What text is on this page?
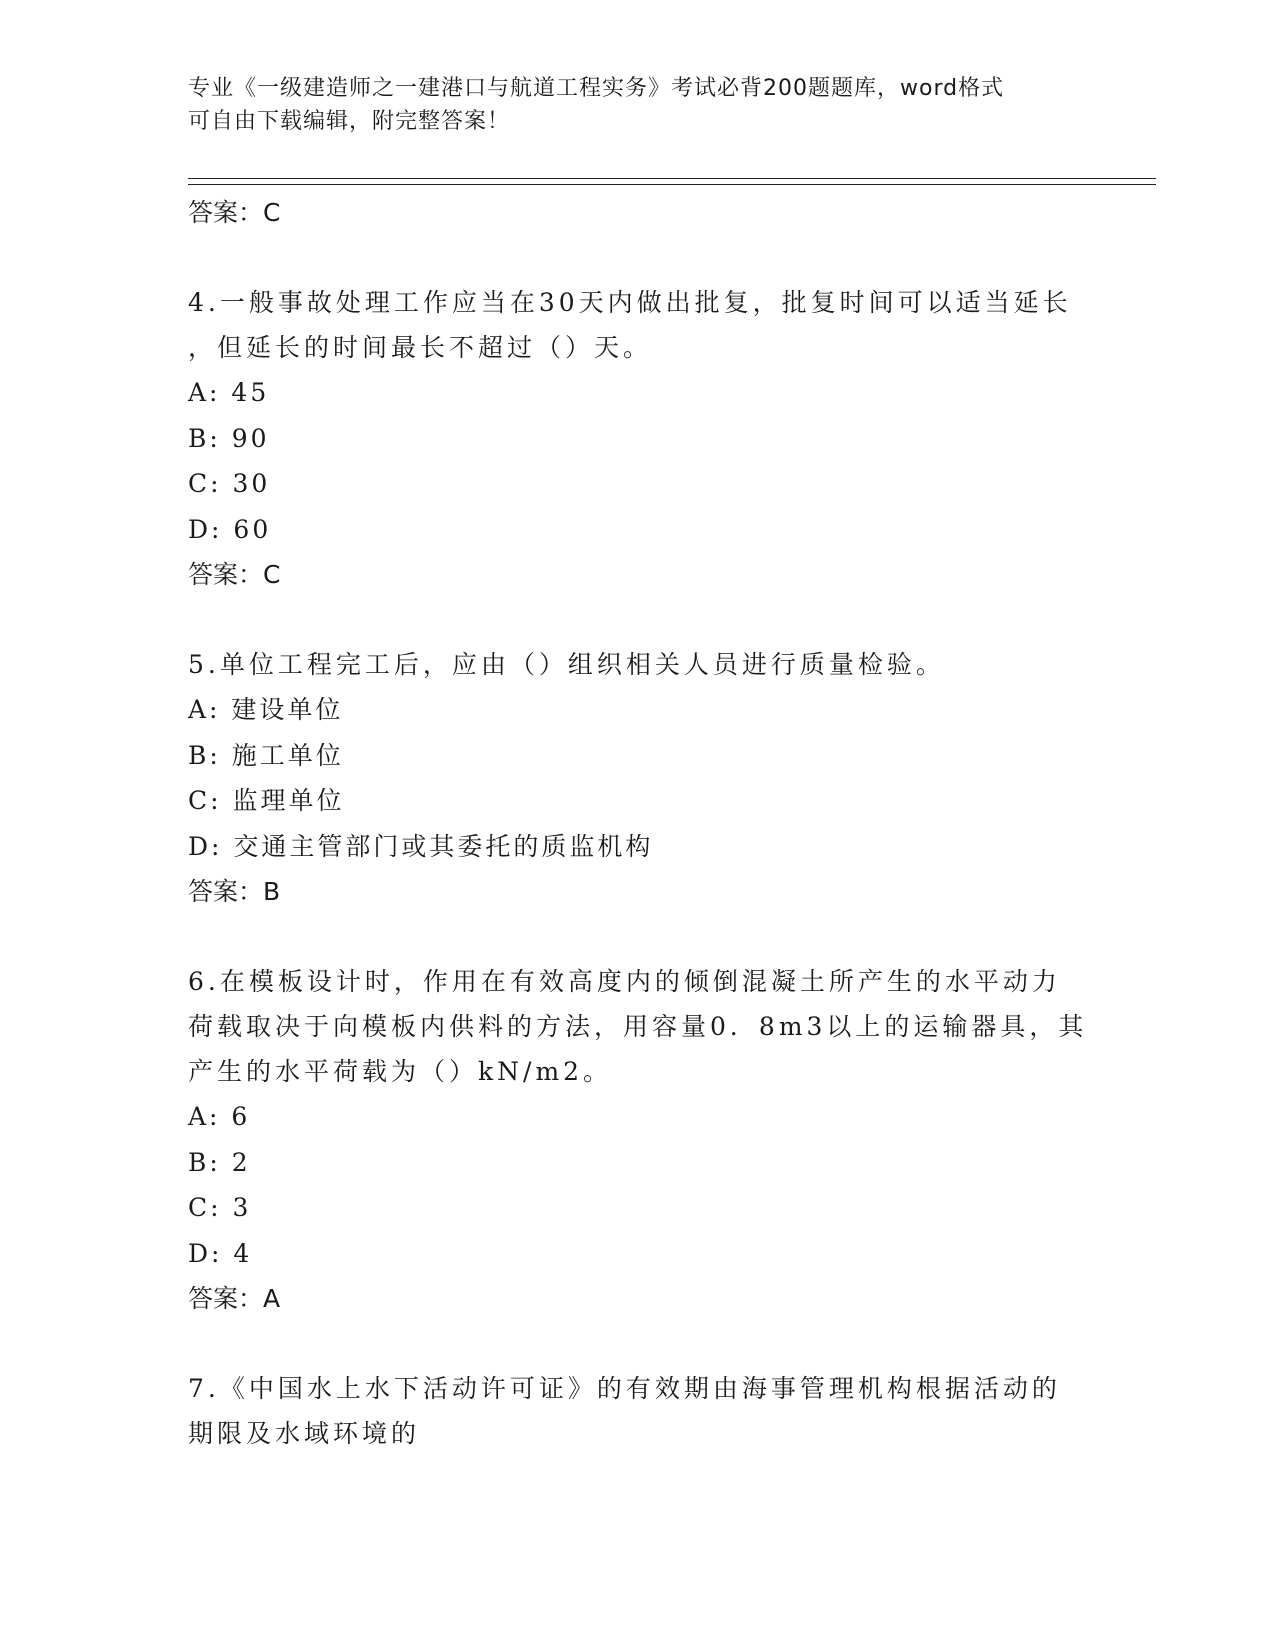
专业《一级建造师之一建港口与航道工程实务》考试必背200题题库，word格式
可自由下载编辑，附完整答案！
答案：C
4.一般事故处理工作应当在30天内做出批复，批复时间可以适当延长
，但延长的时间最长不超过（）天。
A: 45
B: 90
C: 30
D: 60
答案：C
5.单位工程完工后，应由（）组织相关人员进行质量检验。
A: 建设单位
B: 施工单位
C: 监理单位
D: 交通主管部门或其委托的质监机构
答案：B
6.在模板设计时，作用在有效高度内的倾倒混凝土所产生的水平动力
荷载取决于向模板内供料的方法，用容量0．8m3以上的运输器具，其
产生的水平荷载为（）kN/m2。
A: 6
B: 2
C: 3
D: 4
答案：A
7.《中国水上水下活动许可证》的有效期由海事管理机构根据活动的
期限及水域环境的
